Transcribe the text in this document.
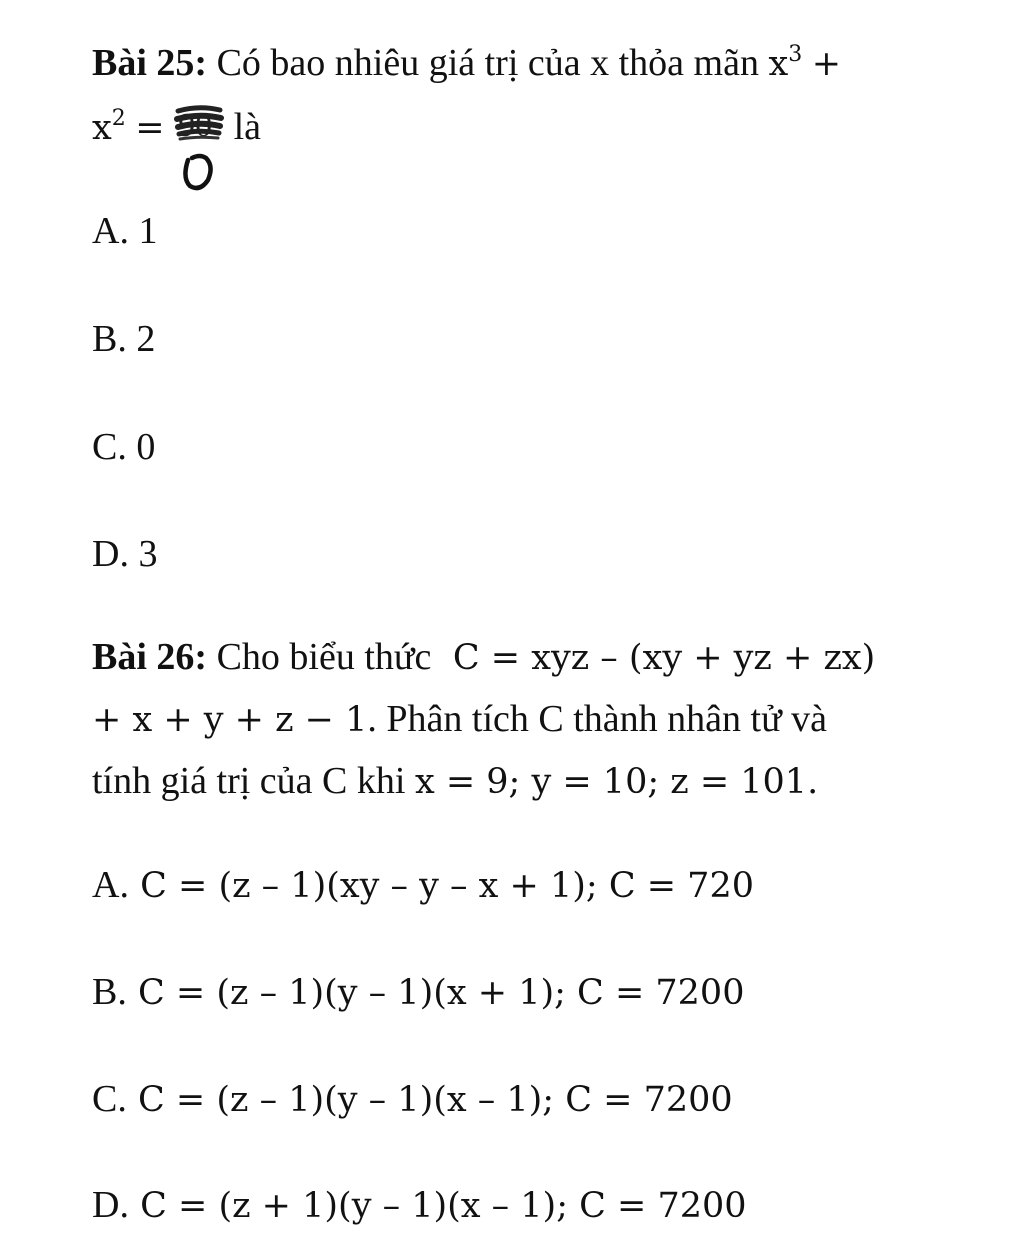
Bài 25: Có bao nhiêu giá trị của x thỏa mãn $x^3$ +
$x^2 = 90$ là
A. 1
B. 2
C. 0
D. 3
Bài 26: Cho biểu thức C = xyz – (xy + yz + zx)
+ x + y + z − 1. Phân tích C thành nhân tử và
tính giá trị của C khi x = 9; y = 10; z = 101.
A. C = (z – 1)(xy – y – x + 1); C = 720
B. C = (z – 1)(y – 1)(x + 1); C = 7200
C. C = (z – 1)(y – 1)(x – 1); C = 7200
D. C = (z + 1)(y – 1)(x – 1); C = 7200
